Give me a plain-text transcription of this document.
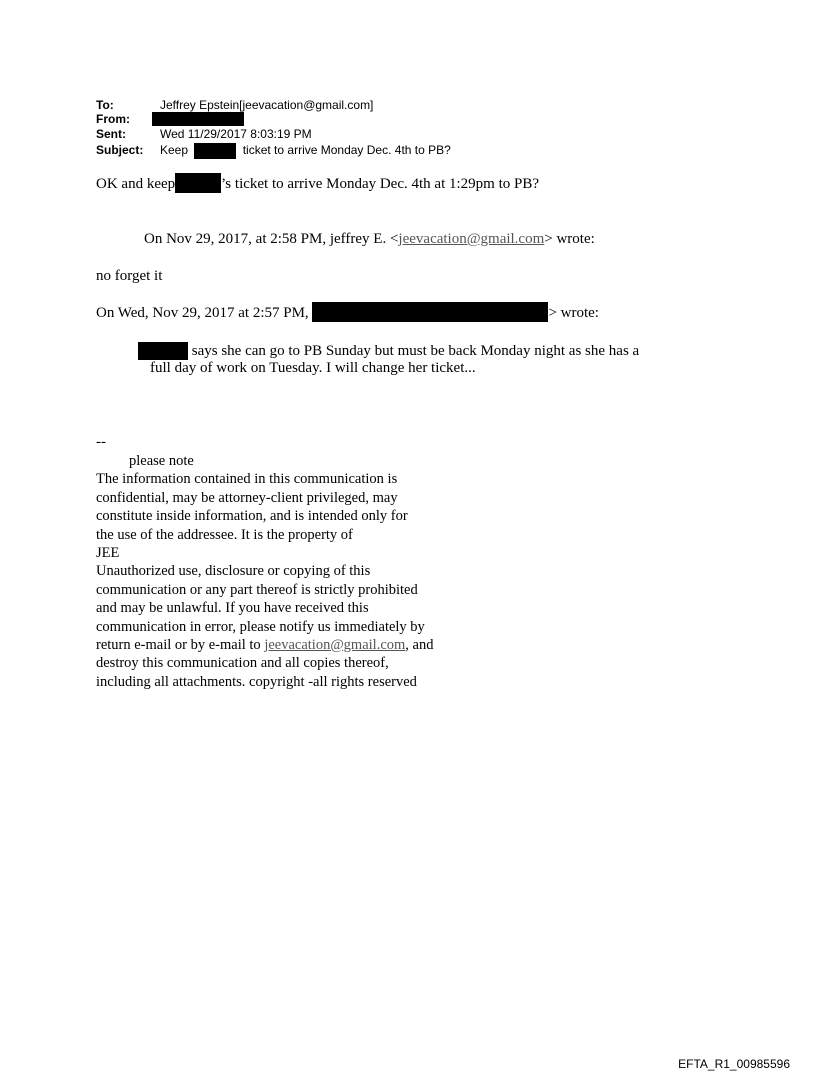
To:	Jeffrey Epstein[jeevacation@gmail.com]
From:
Sent:	Wed 11/29/2017 8:03:19 PM
Subject: Keep	ticket to arrive Monday Dec. 4th to PB?
OK and keep	’s ticket to arrive Monday Dec. 4th at 1:29pm to PB?
On Nov 29, 2017, at 2:58 PM, jeffrey E. <jeevacation@gmail.com> wrote:
no forget it
On Wed, Nov 29, 2017 at 2:57 PM,	> wrote:
says she can go to PB Sunday but must be back Monday night as she has a
full day of work on Tuesday. I will change her ticket...
--
please note
The information contained in this communication is
confidential, may be attorney-client privileged, may
constitute inside information, and is intended only for
the use of the addressee. It is the property of
JEE
Unauthorized use, disclosure or copying of this
communication or any part thereof is strictly prohibited
and may be unlawful. If you have received this
communication in error, please notify us immediately by
return e-mail or by e-mail to jeevacation@gmail.com, and
destroy this communication and all copies thereof,
including all attachments. copyright -all rights reserved
EFTA_R1_00985596
